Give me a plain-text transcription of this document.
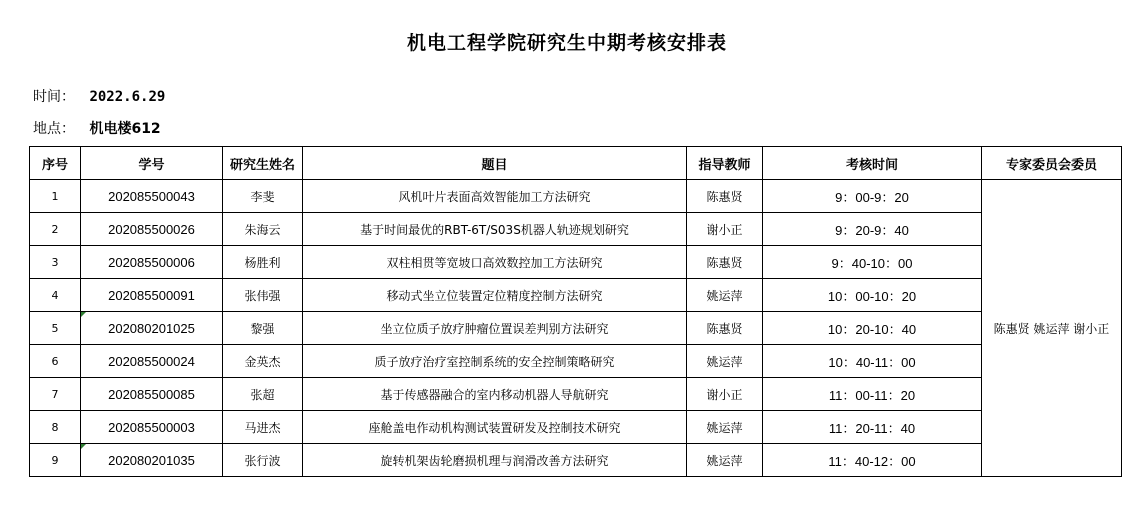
机电工程学院研究生中期考核安排表
时间： 2022.6.29
地点： 机电楼612
序号	学号	研究生姓名	题目	指导教师	考核时间	专家委员会委员
1	202085500043	李斐	风机叶片表面高效智能加工方法研究	陈惠贤	9：00-9：20	陈惠贤 姚运萍 谢小正
2	202085500026	朱海云	基于时间最优的RBT-6T/S03S机器人轨迹规划研究	谢小正	9：20-9：40	
3	202085500006	杨胜利	双柱相贯等宽坡口高效数控加工方法研究	陈惠贤	9：40-10：00	
4	202085500091	张伟强	移动式坐立位装置定位精度控制方法研究	姚运萍	10：00-10：20	
5	202080201025	黎强	坐立位质子放疗肿瘤位置误差判别方法研究	陈惠贤	10：20-10：40	
6	202085500024	金英杰	质子放疗治疗室控制系统的安全控制策略研究	姚运萍	10：40-11：00	
7	202085500085	张超	基于传感器融合的室内移动机器人导航研究	谢小正	11：00-11：20	
8	202085500003	马进杰	座舱盖电作动机构测试装置研发及控制技术研究	姚运萍	11：20-11：40	
9	202080201035	张行波	旋转机架齿轮磨损机理与润滑改善方法研究	姚运萍	11：40-12：00	
